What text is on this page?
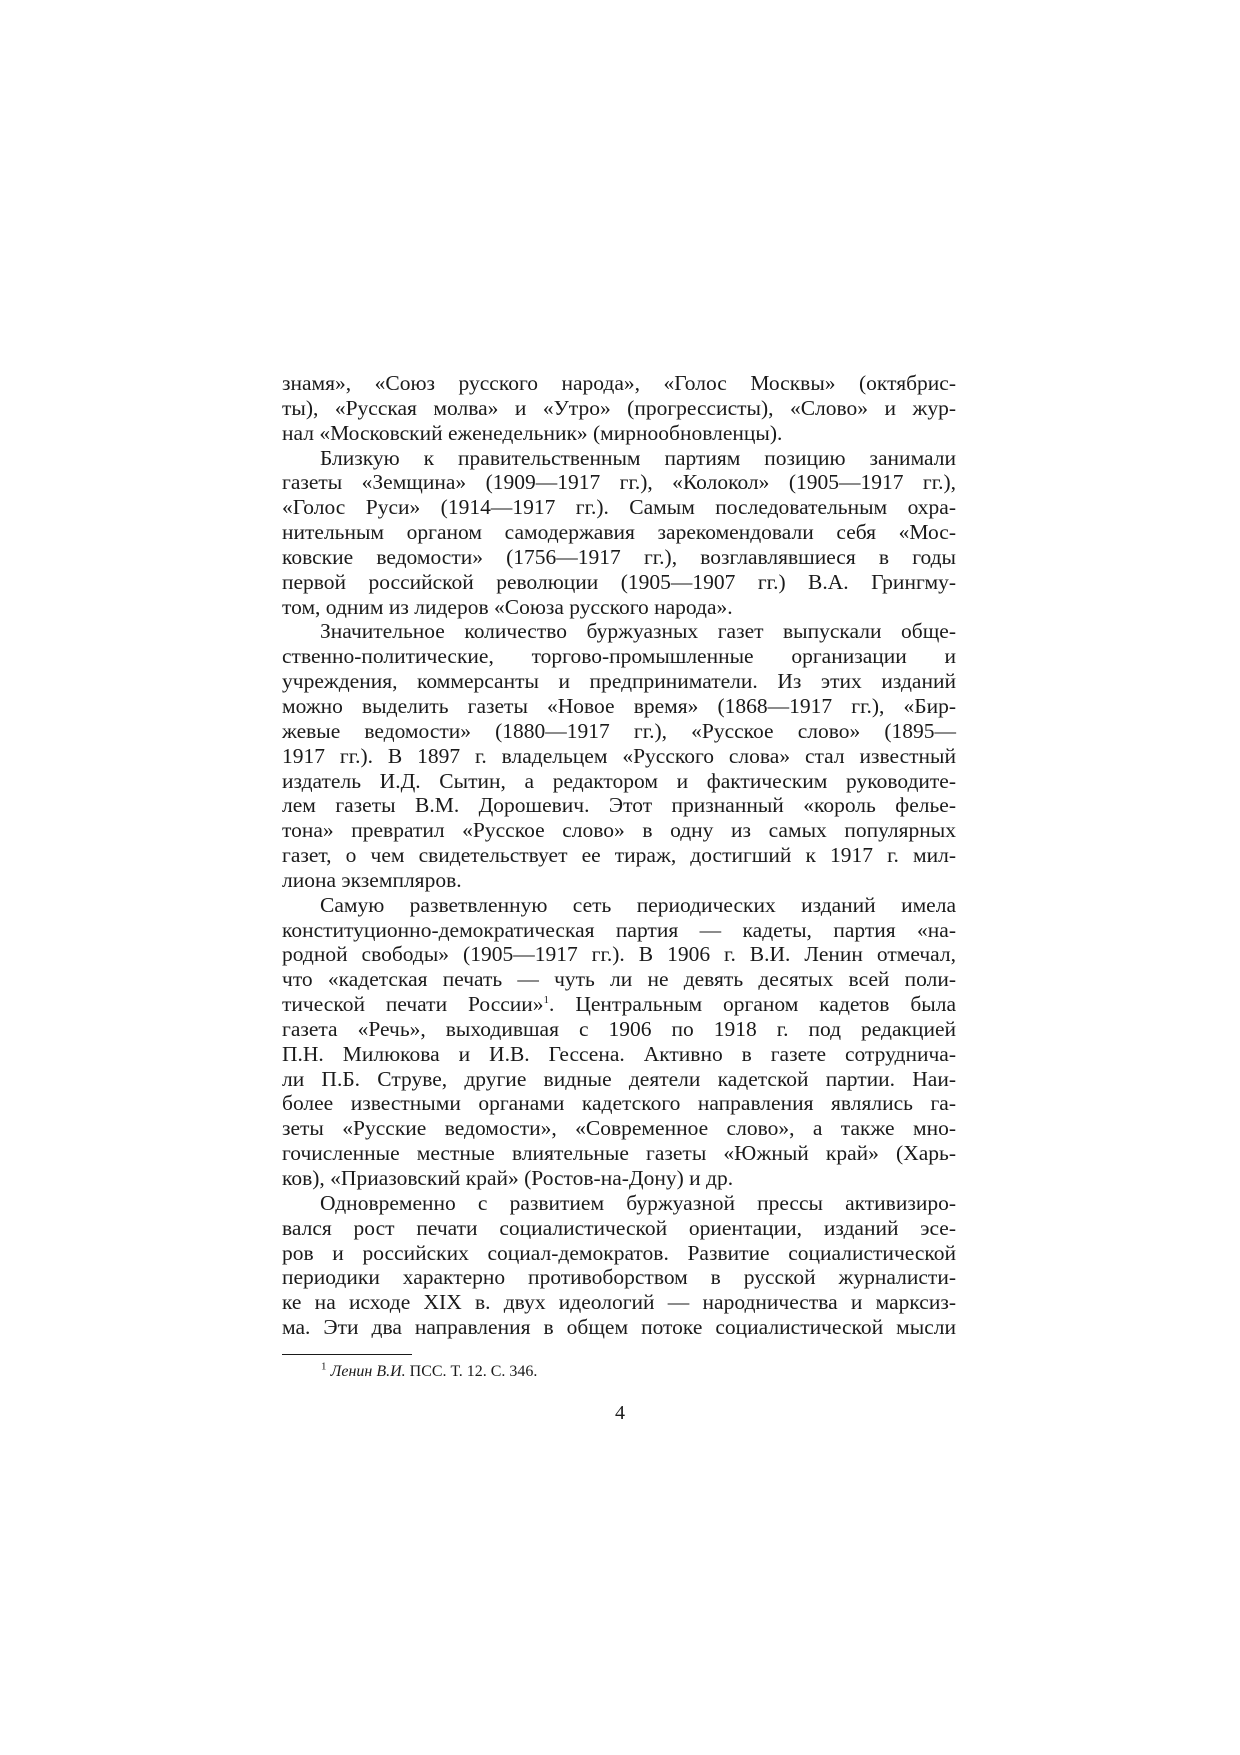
знамя», «Союз русского народа», «Голос Москвы» (октябрис-
ты), «Русская молва» и «Утро» (прогрессисты), «Слово» и жур-
нал «Московский еженедельник» (мирнообновленцы).

Близкую к правительственным партиям позицию занимали
газеты «Земщина» (1909—1917 гг.), «Колокол» (1905—1917 гг.),
«Голос Руси» (1914—1917 гг.). Самым последовательным охра-
нительным органом самодержавия зарекомендовали себя «Мос-
ковские ведомости» (1756—1917 гг.), возглавлявшиеся в годы
первой российской революции (1905—1907 гг.) В.А. Грингму-
том, одним из лидеров «Союза русского народа».

Значительное количество буржуазных газет выпускали обще-
ственно-политические, торгово-промышленные организации и
учреждения, коммерсанты и предприниматели. Из этих изданий
можно выделить газеты «Новое время» (1868—1917 гг.), «Бир-
жевые ведомости» (1880—1917 гг.), «Русское слово» (1895—
1917 гг.). В 1897 г. владельцем «Русского слова» стал известный
издатель И.Д. Сытин, а редактором и фактическим руководите-
лем газеты В.М. Дорошевич. Этот признанный «король фелье-
тона» превратил «Русское слово» в одну из самых популярных
газет, о чем свидетельствует ее тираж, достигший к 1917 г. мил-
лиона экземпляров.

Самую разветвленную сеть периодических изданий имела
конституционно-демократическая партия — кадеты, партия «на-
родной свободы» (1905—1917 гг.). В 1906 г. В.И. Ленин отмечал,
что «кадетская печать — чуть ли не девять десятых всей поли-
тической печати России»$^1$. Центральным органом кадетов была
газета «Речь», выходившая с 1906 по 1918 г. под редакцией
П.Н. Милюкова и И.В. Гессена. Активно в газете сотрудничa-
ли П.Б. Струве, другие видные деятели кадетской партии. Наи-
более известными органами кадетского направления являлись га-
зеты «Русские ведомости», «Современное слово», а также мно-
гочисленные местные влиятельные газеты «Южный край» (Харь-
ков), «Приазовский край» (Ростов-на-Дону) и др.

Одновременно с развитием буржуазной прессы активизиро-
вался рост печати социалистической ориентации, изданий эсе-
ров и российских социал-демократов. Развитие социалистической
периодики характерно противоборством в русской журналисти-
ке на исходе XIX в. двух идеологий — народничества и марксиз-
ма. Эти два направления в общем потоке социалистической мысли

$^1$ Ленин В.И. ПСС. Т. 12. С. 346.
4
